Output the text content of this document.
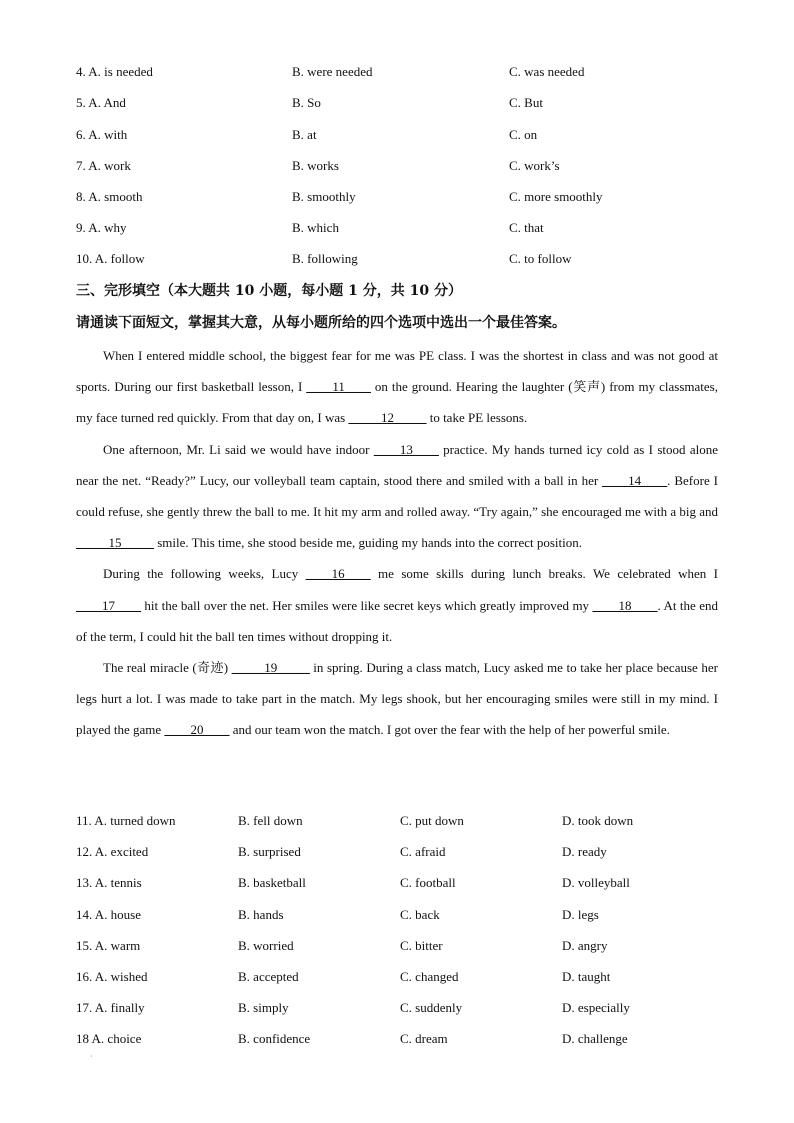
4. A. is needed	B. were needed	C. was needed
5. A. And	B. So	C. But
6. A. with	B. at	C. on
7. A. work	B. works	C. work’s
8. A. smooth	B. smoothly	C. more smoothly
9. A. why	B. which	C. that
10. A. follow	B. following	C. to follow
三、完形填空（本大题共 10 小题，每小题 1 分，共 10 分）
请通读下面短文，掌握其大意，从每小题所给的四个选项中选出一个最佳答案。

When I entered middle school, the biggest fear for me was PE class. I was the shortest in class and was not good at sports. During our first basketball lesson, I ____11____ on the ground. Hearing the laughter (笑声) from my classmates, my face turned red quickly. From that day on, I was _____12_____ to take PE lessons.

One afternoon, Mr. Li said we would have indoor ____13____ practice. My hands turned icy cold as I stood alone near the net. “Ready?” Lucy, our volleyball team captain, stood there and smiled with a ball in her ____14____. Before I could refuse, she gently threw the ball to me. It hit my arm and rolled away. “Try again,” she encouraged me with a big and _____15_____ smile. This time, she stood beside me, guiding my hands into the correct position.

During the following weeks, Lucy ____16____ me some skills during lunch breaks. We celebrated when I ____17____ hit the ball over the net. Her smiles were like secret keys which greatly improved my ____18____. At the end of the term, I could hit the ball ten times without dropping it.

The real miracle (奇迹) _____19_____ in spring. During a class match, Lucy asked me to take her place because her legs hurt a lot. I was made to take part in the match. My legs shook, but her encouraging smiles were still in my mind. I played the game ____20____ and our team won the match. I got over the fear with the help of her powerful smile.

11. A. turned down	B. fell down	C. put down	D. took down
12. A. excited	B. surprised	C. afraid	D. ready
13. A. tennis	B. basketball	C. football	D. volleyball
14. A. house	B. hands	C. back	D. legs
15. A. warm	B. worried	C. bitter	D. angry
16. A. wished	B. accepted	C. changed	D. taught
17. A. finally	B. simply	C. suddenly	D. especially
18 A. choice	B. confidence	C. dream	D. challenge
·
